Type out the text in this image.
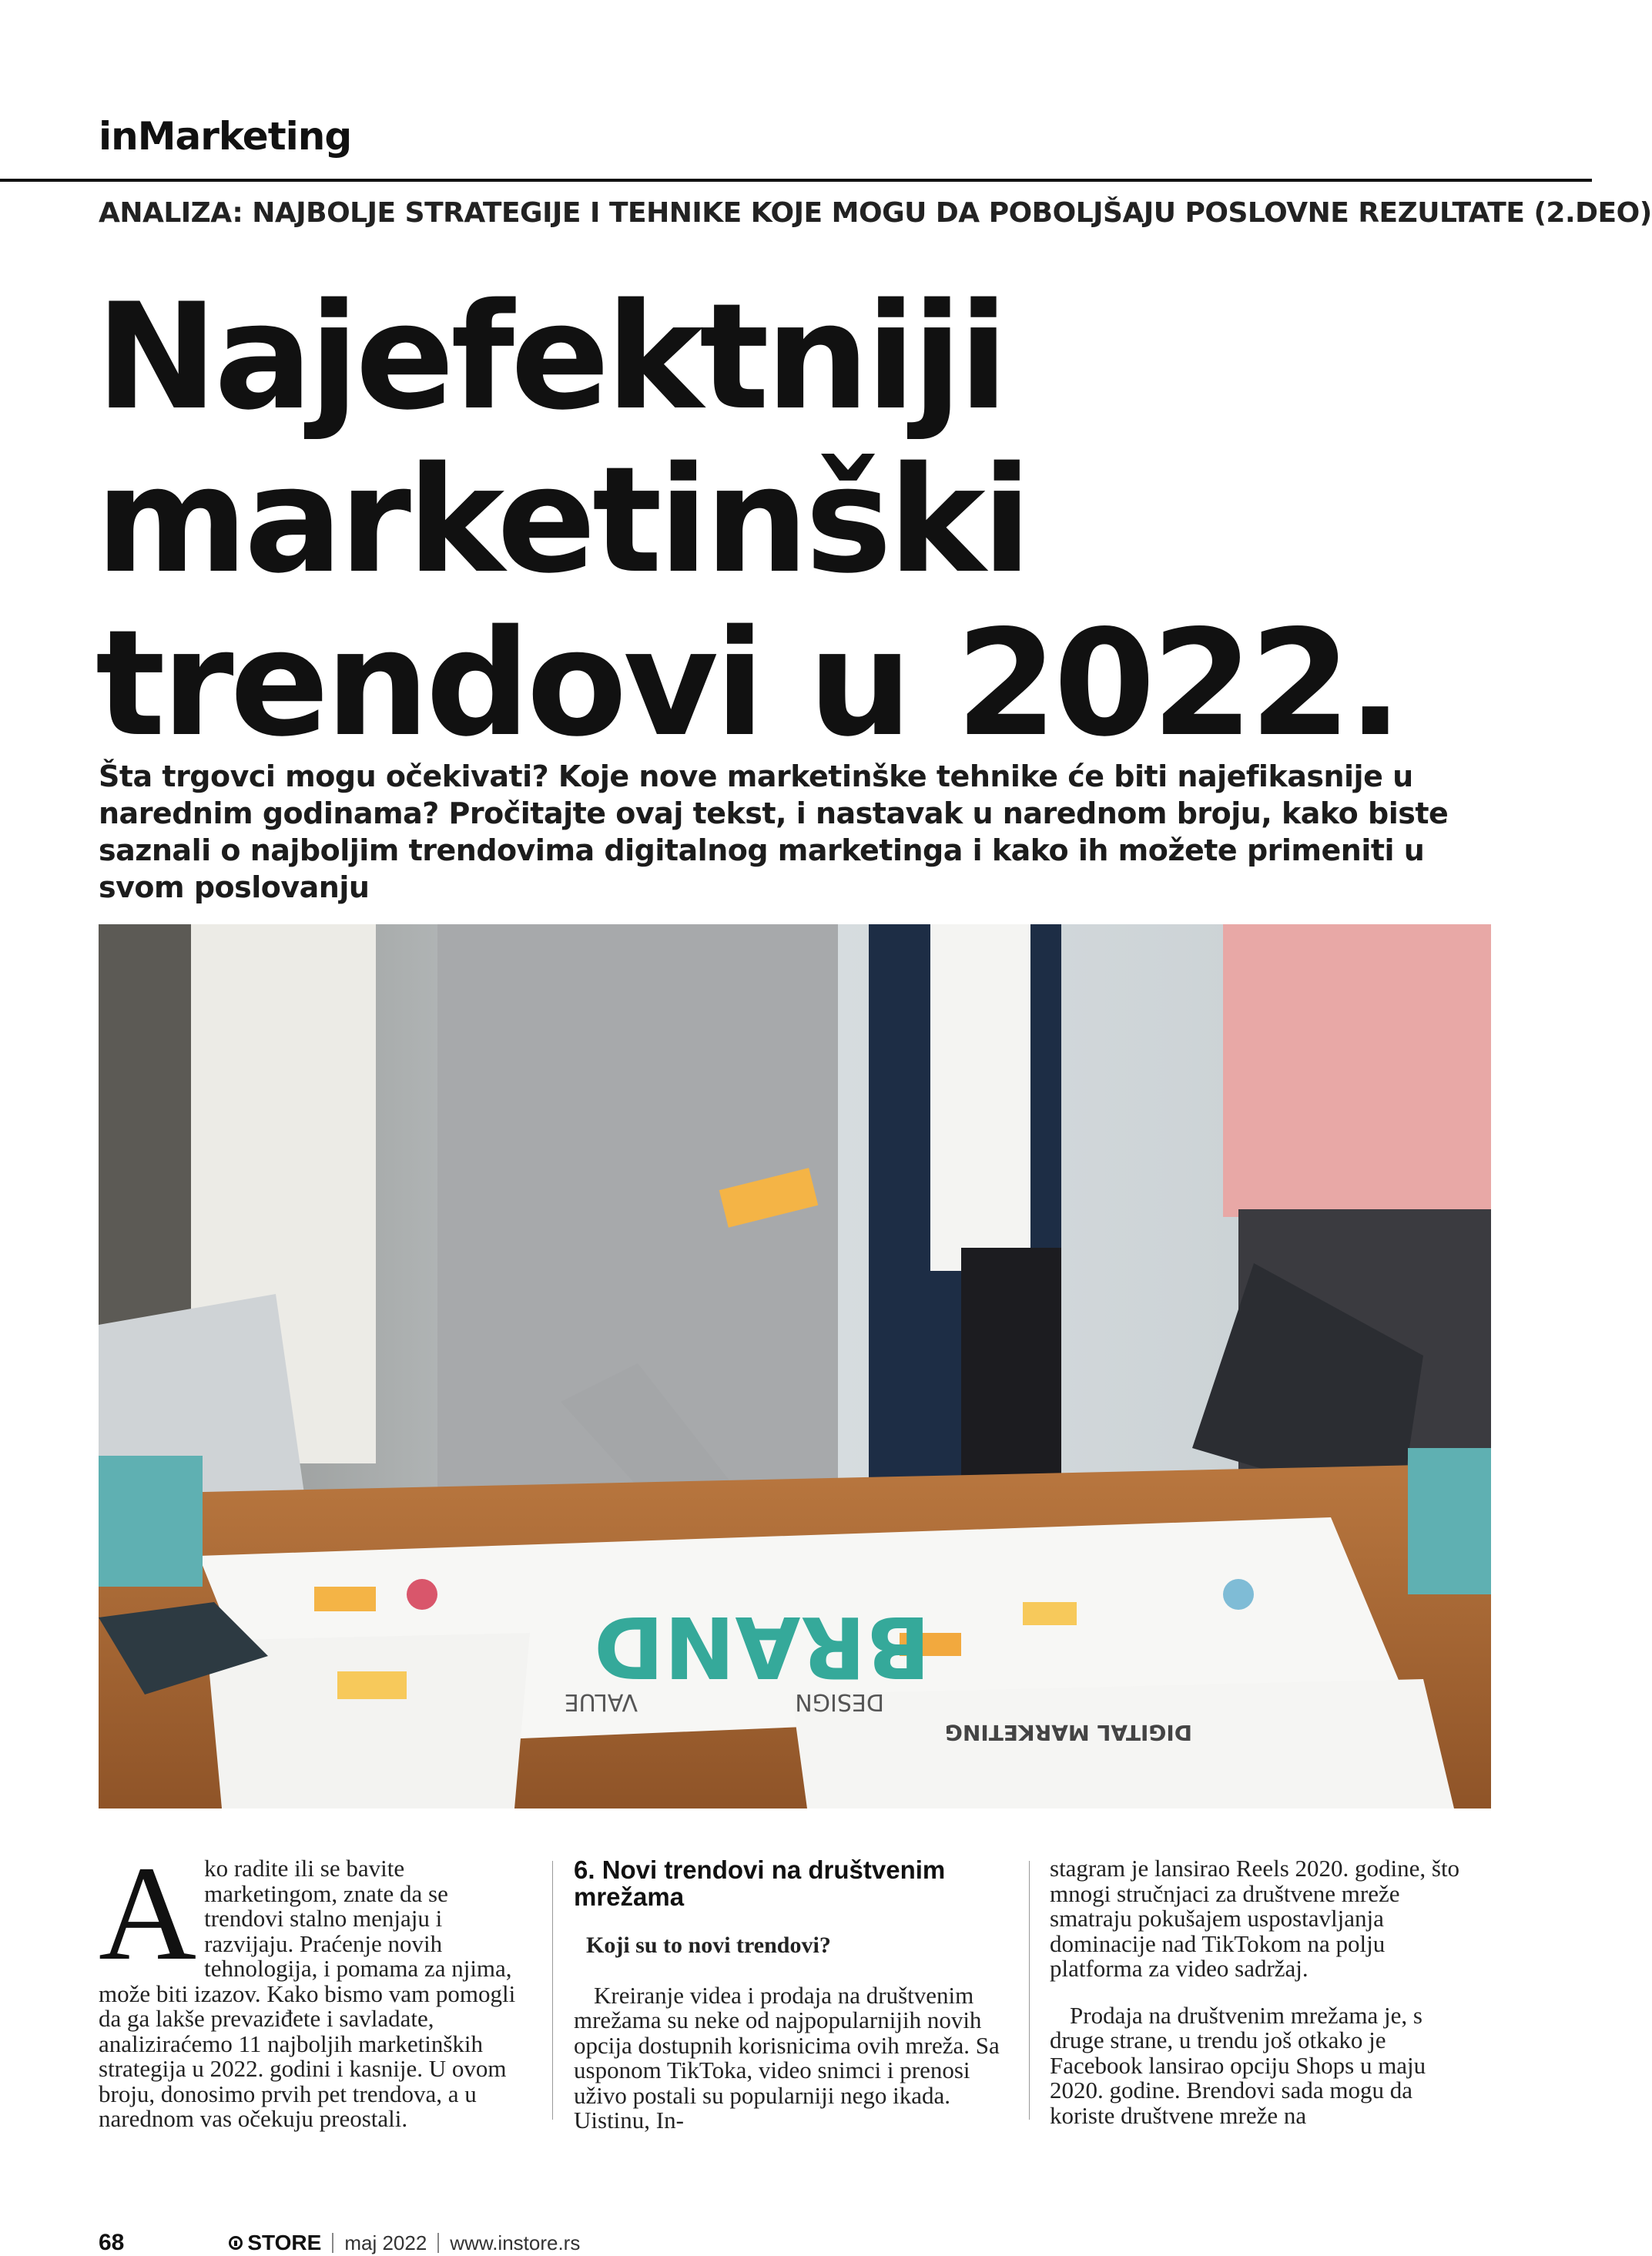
inMarketing
ANALIZA: NAJBOLJE STRATEGIJE I TEHNIKE KOJE MOGU DA POBOLJŠAJU POSLOVNE REZULTATE (2.DEO)
Najefektniji
marketinški
trendovi u 2022.
Šta trgovci mogu očekivati? Koje nove marketinške tehnike će biti najefikasnije u narednim godinama? Pročitajte ovaj tekst, i nastavak u narednom broju, kako biste saznali o najboljim trendovima digitalnog marketinga i kako ih možete primeniti u svom poslovanju
BRAND
DESIGN
VALUE
DIGITAL MARKETING
A ko radite ili se bavite marketingom, znate da se trendovi stalno menjaju i razvijaju. Praćenje novih tehnologija, i pomama za njima, može biti izazov. Kako bismo vam pomogli da ga lakše prevaziđete i savladate, analiziraćemo 11 najboljih marketinških strategija u 2022. godini i kasnije. U ovom broju, donosimo prvih pet trendova, a u narednom vas očekuju preostali.

6. Novi trendovi na društvenim mrežama
Koji su to novi trendovi?

Kreiranje videa i prodaja na društvenim mrežama su neke od najpopularnijih novih opcija dostupnih korisnicima ovih mreža. Sa usponom TikToka, video snimci i prenosi uživo postali su popularniji nego ikada. Uistinu, In-

stagram je lansirao Reels 2020. godine, što mnogi stručnjaci za društvene mreže smatraju pokušajem uspostavljanja dominacije nad TikTokom na polju platforma za video sadržaj.

Prodaja na društvenim mrežama je, s druge strane, u trendu još otkako je Facebook lansirao opciju Shops u maju 2020. godine. Brendovi sada mogu da koriste društvene mreže na

68	STORE maj 2022 www.instore.rs
